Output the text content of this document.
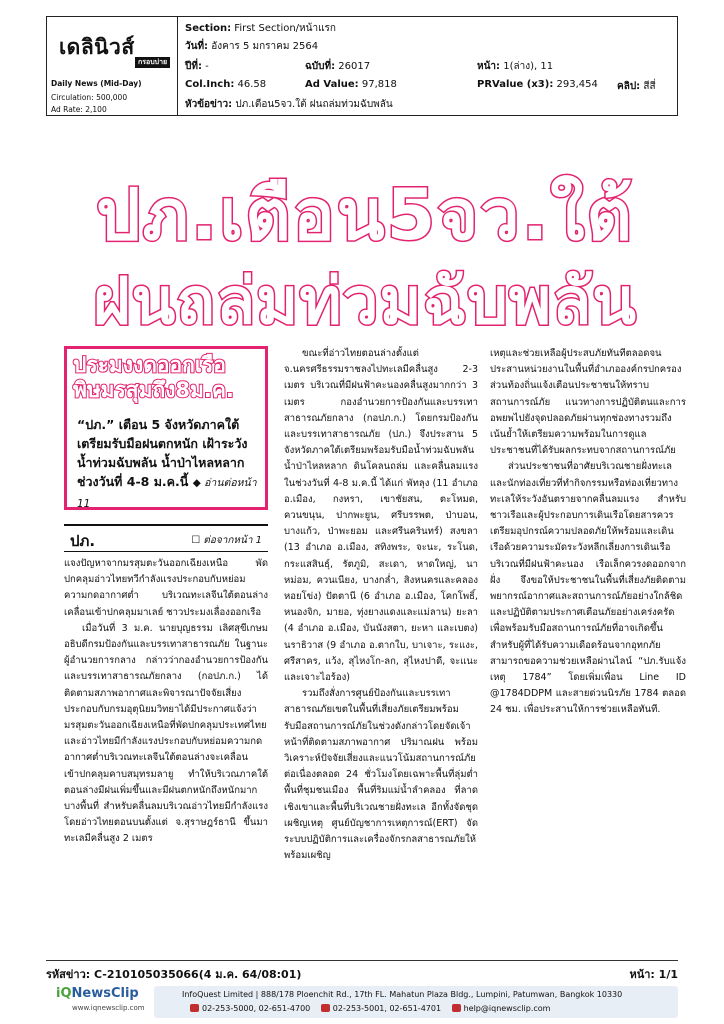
เดลินิวส์
กรอบบ่าย
Daily News (Mid-Day)
Circulation: 500,000
Ad Rate: 2,100
Section: First Section/หน้าแรก
วันที่: อังคาร 5 มกราคม 2564
ปีที่: -	ฉบับที่: 26017	หน้า: 1(ล่าง), 11
Col.Inch: 46.58	Ad Value: 97,818	PRValue (x3): 293,454 คลิป: สีสี่
หัวข้อข่าว: ปภ.เตือน5จว.ใต้ ฝนถล่มท่วมฉับพลัน
ปภ.เตือน5จว.ใต้
ฝนถล่มท่วมฉับพลัน
ประมงงดออกเรือ
พิษมรสุมถึง8ม.ค.
“ปภ.” เตือน 5 จังหวัดภาคใต้ เตรียมรับมือฝนตกหนัก เฝ้าระวังน้ำท่วมฉับพลัน น้ำป่าไหลหลาก ช่วงวันที่ 4-8 ม.ค.นี้ ◆ อ่านต่อหน้า 11
ปภ.	☐ ต่อจากหน้า 1

แจงปัญหาจากมรสุมตะวันออกเฉียงเหนือ พัดปกคลุมอ่าวไทยทวีกำลังแรงประกอบกับหย่อมความกดอากาศต่ำ บริเวณทะเลจีนใต้ตอนล่างเคลื่อนเข้าปกคลุมมาเลย์ ชาวประมงเลื่องออกเรือ

เมื่อวันที่ 3 ม.ค. นายบุญธรรม เลิศสุขีเกษม อธิบดีกรมป้องกันและบรรเทาสาธารณภัย ในฐานะผู้อำนวยการกลาง กล่าวว่ากองอำนวยการป้องกันและบรรเทาสาธารณภัยกลาง (กอปภ.ก.) ได้ติดตามสภาพอากาศและพิจารณาปัจจัยเสี่ยง ประกอบกับกรมอุตุนิยมวิทยาได้มีประกาศแจ้งว่ามรสุมตะวันออกเฉียงเหนือที่พัดปกคลุมประเทศไทยและอ่าวไทยมีกำลังแรงประกอบกับหย่อมความกดอากาศต่ำบริเวณทะเลจีนใต้ตอนล่างจะเคลื่อนเข้าปกคลุมคาบสมุทรมลายู ทำให้บริเวณภาคใต้ตอนล่างมีฝนเพิ่มขึ้นและมีฝนตกหนักถึงหนักมากบางพื้นที่ สำหรับคลื่นลมบริเวณอ่าวไทยมีกำลังแรง โดยอ่าวไทยตอนบนตั้งแต่ จ.สุราษฎร์ธานี ขึ้นมาทะเลมีคลื่นสูง 2 เมตร

ขณะที่อ่าวไทยตอนล่างตั้งแต่ จ.นครศรีธรรมราชลงไปทะเลมีคลื่นสูง 2-3 เมตร บริเวณที่มีฝนฟ้าคะนองคลื่นสูงมากกว่า 3 เมตร กองอำนวยการป้องกันและบรรเทาสาธารณภัยกลาง (กอปภ.ก.) โดยกรมป้องกันและบรรเทาสาธารณภัย (ปภ.) จึงประสาน 5 จังหวัดภาคใต้เตรียมพร้อมรับมือน้ำท่วมฉับพลัน น้ำป่าไหลหลาก ดินโคลนถล่ม และคลื่นลมแรง ในช่วงวันที่ 4-8 ม.ค.นี้ ได้แก่ พัทลุง (11 อำเภอ อ.เมือง, กงหรา, เขาชัยสน, ตะโหมด, ควนขนุน, ปากพะยูน, ศรีบรรพต, ป่าบอน, บางแก้ว, ป่าพะยอม และศรีนครินทร์) สงขลา (13 อำเภอ อ.เมือง, สทิงพระ, จะนะ, ระโนด, กระแสสินธุ์, รัตภูมิ, สะเดา, หาดใหญ่, นาหม่อม, ควนเนียง, บางกล่ำ, สิงหนครและคลองหอยโข่ง) ปัตตานี (6 อำเภอ อ.เมือง, โคกโพธิ์, หนองจิก, มายอ, ทุ่งยางแดงและแม่ลาน) ยะลา (4 อำเภอ อ.เมือง, บันนังสตา, ยะหา และเบตง) นราธิวาส (9 อำเภอ อ.ตากใบ, บาเจาะ, ระแงะ, ศรีสาคร, แว้ง, สุไหงโก-ลก, สุไหงปาดี, จะแนะ และเจาะไอร้อง)

รวมถึงสั่งการศูนย์ป้องกันและบรรเทาสาธารณภัยเขตในพื้นที่เสี่ยงภัยเตรียมพร้อมรับมือสถานการณ์ภัยในช่วงดังกล่าวโดยจัดเจ้าหน้าที่ติดตามสภาพอากาศ ปริมาณฝน พร้อมวิเคราะห์ปัจจัยเสี่ยงและแนวโน้มสถานการณ์ภัยต่อเนื่องตลอด 24 ชั่วโมงโดยเฉพาะพื้นที่ลุ่มต่ำพื้นที่ชุมชนเมือง พื้นที่ริมแม่น้ำลำคลอง ที่ลาดเชิงเขาและพื้นที่บริเวณชายฝั่งทะเล อีกทั้งจัดชุดเผชิญเหตุ ศูนย์บัญชาการเหตุการณ์(ERT) จัดระบบปฏิบัติการและเครื่องจักรกลสาธารณภัยให้พร้อมเผชิญ

เหตุและช่วยเหลือผู้ประสบภัยทันทีตลอดจนประสานหน่วยงานในพื้นที่อำเภอองค์กรปกครองส่วนท้องถิ่นแจ้งเตือนประชาชนให้ทราบสถานการณ์ภัย แนวทางการปฏิบัติตนและการอพยพไปยังจุดปลอดภัยผ่านทุกช่องทางรวมถึงเน้นย้ำให้เตรียมความพร้อมในการดูแลประชาชนที่ได้รับผลกระทบจากสถานการณ์ภัย

ส่วนประชาชนที่อาศัยบริเวณชายฝั่งทะเลและนักท่องเที่ยวที่ทำกิจกรรมหรือท่องเที่ยวทางทะเลให้ระวังอันตรายจากคลื่นลมแรง สำหรับชาวเรือและผู้ประกอบการเดินเรือโดยสารควรเตรียมอุปกรณ์ความปลอดภัยให้พร้อมและเดินเรือด้วยความระมัดระวังหลีกเลี่ยงการเดินเรือบริเวณที่มีฝนฟ้าคะนอง เรือเล็กควรงดออกจากฝั่ง จึงขอให้ประชาชนในพื้นที่เสี่ยงภัยติดตามพยากรณ์อากาศและสถานการณ์ภัยอย่างใกล้ชิด และปฏิบัติตามประกาศเตือนภัยอย่างเคร่งครัดเพื่อพร้อมรับมือสถานการณ์ภัยที่อาจเกิดขึ้น สำหรับผู้ที่ได้รับความเดือดร้อนจากอุทกภัย สามารถขอความช่วยเหลือผ่านไลน์ “ปภ.รับแจ้งเหตุ 1784” โดยเพิ่มเพื่อน Line ID @1784DDPM และสายด่วนนิรภัย 1784 ตลอด 24 ชม. เพื่อประสานให้การช่วยเหลือทันที.

รหัสข่าว: C-210105035066(4 ม.ค. 64/08:01)	หน้า: 1/1
iQNewsClip
www.iqnewsclip.com
InfoQuest Limited | 888/178 Ploenchit Rd., 17th FL. Mahatun Plaza Bldg., Lumpini, Patumwan, Bangkok 10330
02-253-5000, 02-651-4700	02-253-5001, 02-651-4701	help@iqnewsclip.com
